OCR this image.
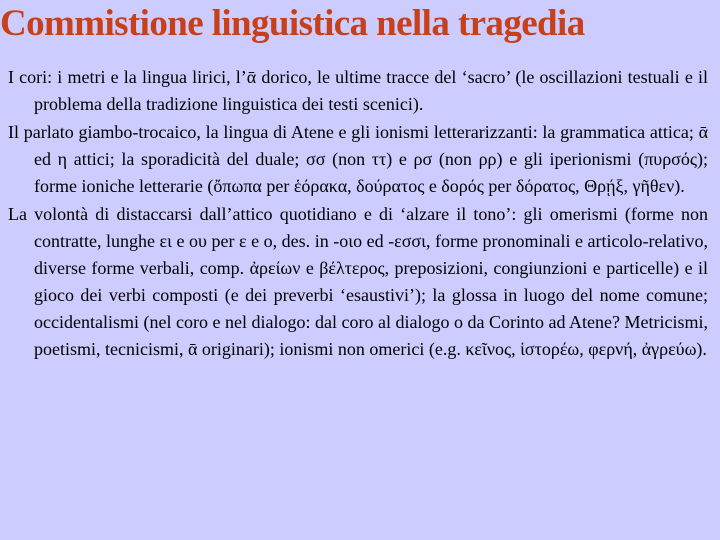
Commistione linguistica nella tragedia

I cori: i metri e la lingua lirici, l’ᾱ dorico, le ultime tracce del ‘sacro’ (le oscillazioni testuali e il problema della tradizione linguistica dei testi scenici).

Il parlato giambo-trocaico, la lingua di Atene e gli ionismi letterarizzanti: la grammatica attica; ᾱ ed η attici; la sporadicità del duale; σσ (non ττ) e ρσ (non ρρ) e gli iperionismi (πυρσός); forme ioniche letterarie (ὄπωπα per ἑόρακα, δούρατος e δορός per δόρατος, Θρῄξ, γῆθεν).

La volontà di distaccarsi dall’attico quotidiano e di ‘alzare il tono’: gli omerismi (forme non contratte, lunghe ει e ου per ε e ο, des. in ‑οιο ed ‑εσσι, forme pronominali e articolo-relativo, diverse forme verbali, comp. ἀρείων e βέλτερος, preposizioni, congiunzioni e particelle) e il gioco dei verbi composti (e dei preverbi ‘esaustivi’); la glossa in luogo del nome comune; occidentalismi (nel coro e nel dialogo: dal coro al dialogo o da Corinto ad Atene? Metricismi, poetismi, tecnicismi, ᾱ originari); ionismi non omerici (e.g. κεῖνος, ἱστορέω, φερνή, ἀγρεύω).
